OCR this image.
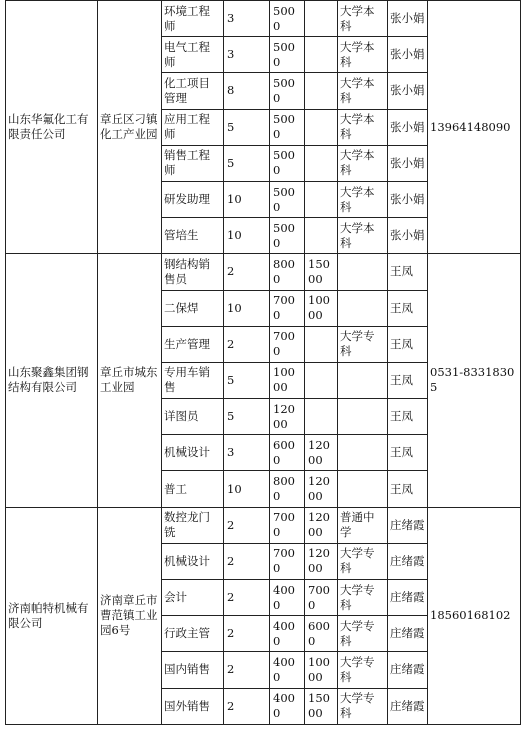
山东华氟化工有限责任公司	章丘区刁镇化工产业园	环境工程师	3	5000		大学本科	张小娟	13964148090
		电气工程师	3	5000		大学本科	张小娟	
		化工项目管理	8	5000		大学本科	张小娟	
		应用工程师	5	5000		大学本科	张小娟	
		销售工程师	5	5000		大学本科	张小娟	
		研发助理	10	5000		大学本科	张小娟	
		管培生	10	5000		大学本科	张小娟	
山东聚鑫集团钢结构有限公司	章丘市城东工业园	钢结构销售员	2	8000	15000		王凤	0531-83318305
		二保焊	10	7000	10000		王凤	
		生产管理	2	7000		大学专科	王凤	
		专用车销售	5	10000			王凤	
		详图员	5	12000			王凤	
		机械设计	3	6000	12000		王凤	
		普工	10	8000	12000		王凤	
济南帕特机械有限公司	济南章丘市曹范镇工业园6号	数控龙门铣	2	7000	12000	普通中学	庄绪霞	18560168102
		机械设计	2	7000	12000	大学专科	庄绪霞	
		会计	2	4000	7000	大学专科	庄绪霞	
		行政主管	2	4000	6000	大学专科	庄绪霞	
		国内销售	2	4000	10000	大学专科	庄绪霞	
		国外销售	2	4000	15000	大学专科	庄绪霞	
